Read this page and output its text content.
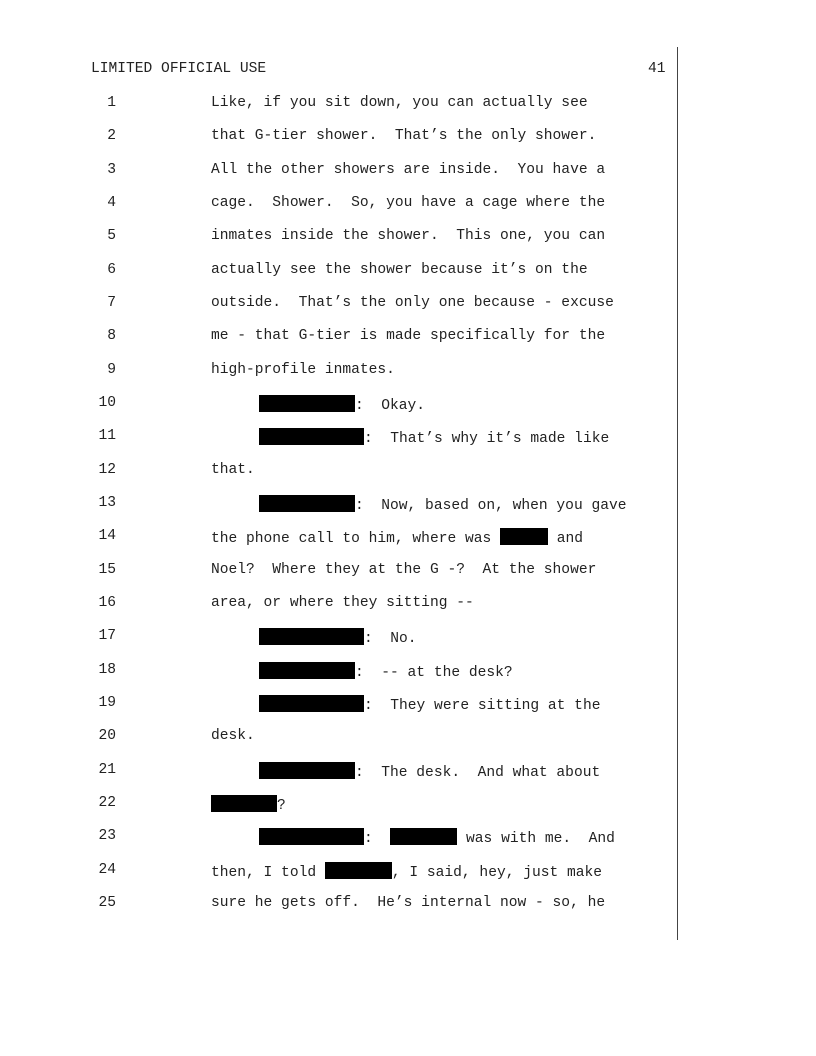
LIMITED OFFICIAL USE	41
1
2
3
4
5
6
7
8
9
10
11
12
13
14
15
16
17
18
19
20
21
22
23
24
25
Like, if you sit down, you can actually see
that G-tier shower.  That’s the only shower.
All the other showers are inside.  You have a
cage.  Shower.  So, you have a cage where the
inmates inside the shower.  This one, you can
actually see the shower because it’s on the
outside.  That’s the only one because - excuse
me - that G-tier is made specifically for the
high-profile inmates.
:  Okay.
:  That’s why it’s made like
that.
:  Now, based on, when you gave
the phone call to him, where was	and
Noel?  Where they at the G -?  At the shower
area, or where they sitting --
:  No.
:  -- at the desk?
:  They were sitting at the
desk.
:  The desk.  And what about
?
:	was with me.  And
then, I told	, I said, hey, just make
sure he gets off.  He’s internal now - so, he
